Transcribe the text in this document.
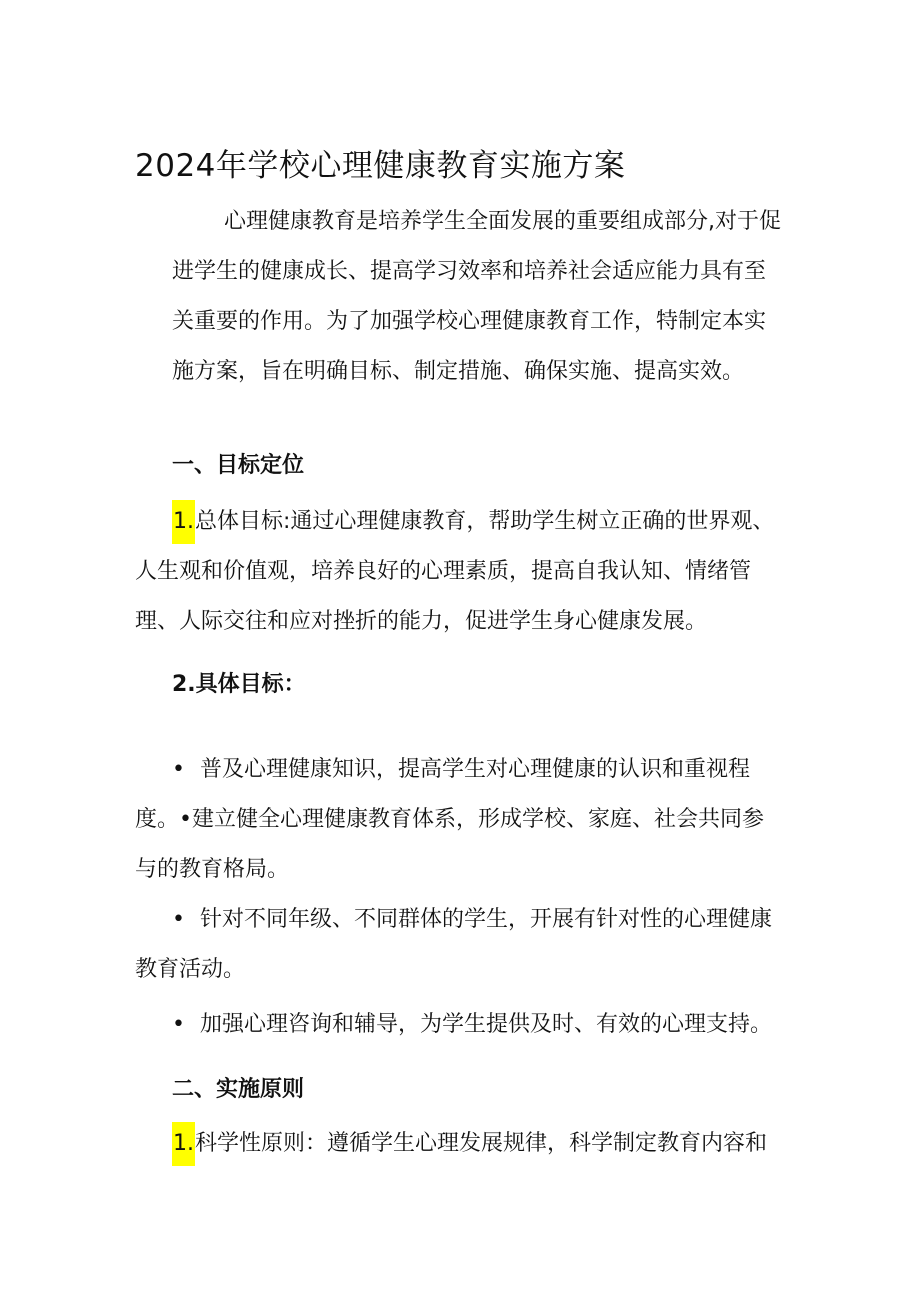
2024年学校心理健康教育实施方案

心理健康教育是培养学生全面发展的重要组成部分,对于促进学生的健康成长、提高学习效率和培养社会适应能力具有至关重要的作用。为了加强学校心理健康教育工作，特制定本实施方案，旨在明确目标、制定措施、确保实施、提高实效。

一、目标定位

1.总体目标:通过心理健康教育，帮助学生树立正确的世界观、人生观和价值观，培养良好的心理素质，提高自我认知、情绪管理、人际交往和应对挫折的能力，促进学生身心健康发展。

2.具体目标：

• 普及心理健康知识，提高学生对心理健康的认识和重视程度。•建立健全心理健康教育体系，形成学校、家庭、社会共同参与的教育格局。

• 针对不同年级、不同群体的学生，开展有针对性的心理健康教育活动。

• 加强心理咨询和辅导，为学生提供及时、有效的心理支持。

二、实施原则

1.科学性原则：遵循学生心理发展规律，科学制定教育内容和
